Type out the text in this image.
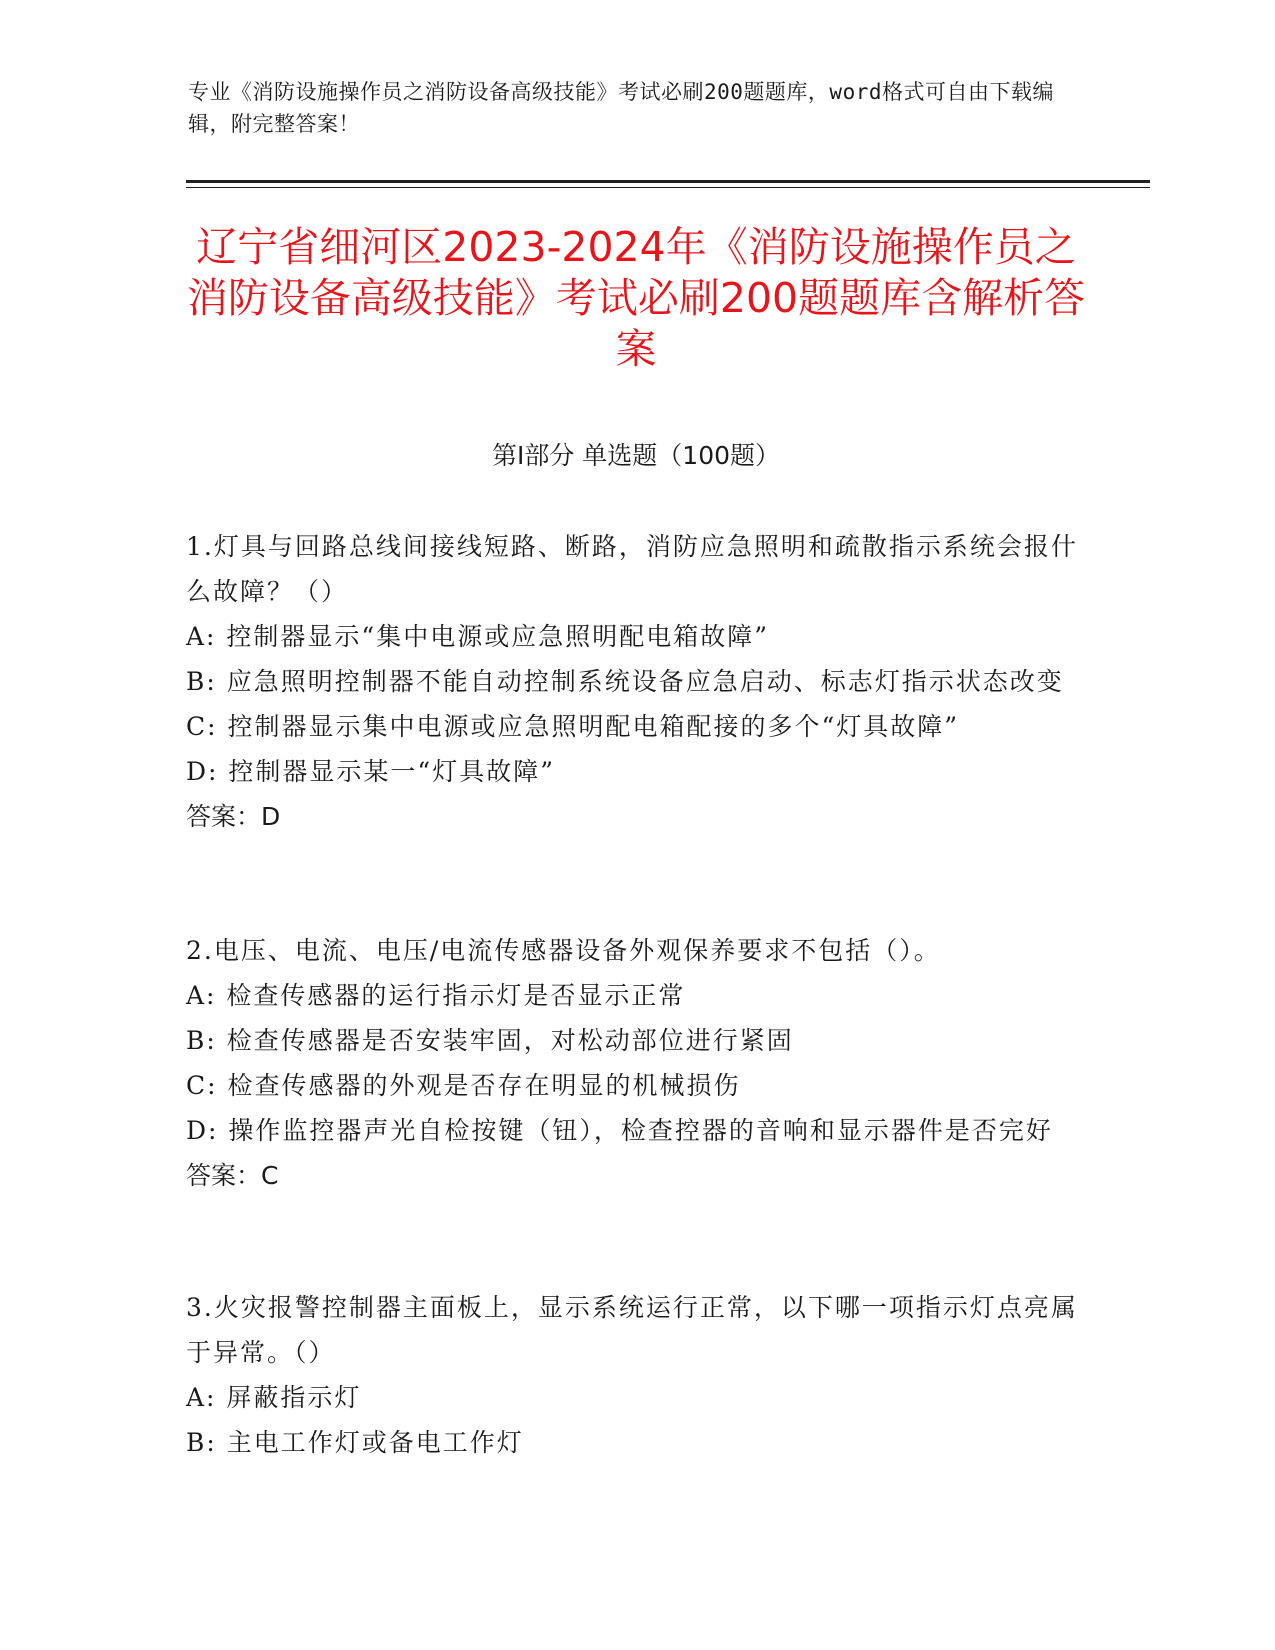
专业《消防设施操作员之消防设备高级技能》考试必刷200题题库，word格式可自由下载编辑，附完整答案！
辽宁省细河区2023-2024年《消防设施操作员之消防设备高级技能》考试必刷200题题库含解析答案
第Ⅰ部分 单选题（100题）

1.灯具与回路总线间接线短路、断路，消防应急照明和疏散指示系统会报什么故障？（）

A: 控制器显示“集中电源或应急照明配电箱故障”

B: 应急照明控制器不能自动控制系统设备应急启动、标志灯指示状态改变

C: 控制器显示集中电源或应急照明配电箱配接的多个“灯具故障”

D: 控制器显示某一“灯具故障”

答案：D

2.电压、电流、电压/电流传感器设备外观保养要求不包括（）。

A: 检查传感器的运行指示灯是否显示正常

B: 检查传感器是否安装牢固，对松动部位进行紧固

C: 检查传感器的外观是否存在明显的机械损伤

D: 操作监控器声光自检按键（钮），检查控器的音响和显示器件是否完好

答案：C

3.火灾报警控制器主面板上，显示系统运行正常，以下哪一项指示灯点亮属于异常。（）

A: 屏蔽指示灯

B: 主电工作灯或备电工作灯
